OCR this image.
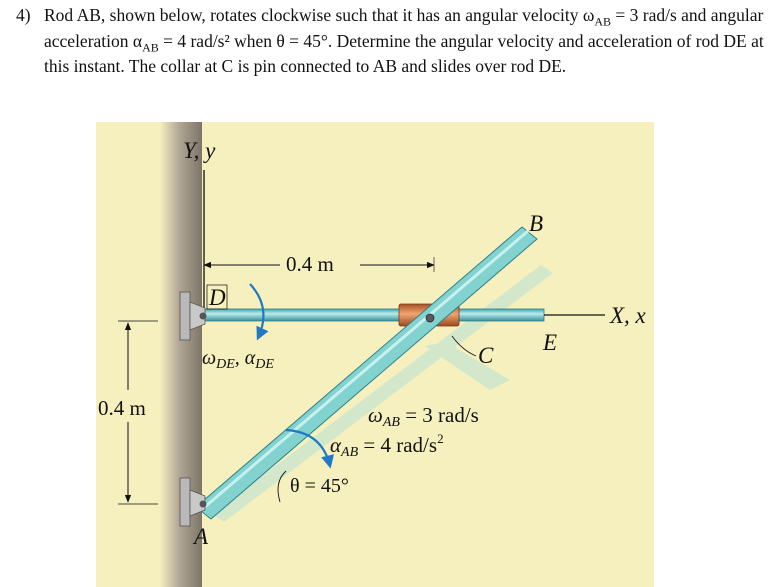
4) Rod AB, shown below, rotates clockwise such that it has an angular velocity $\omega_{AB} = 3$ rad/s and angular acceleration $\alpha_{AB} = 4$ rad/s² when θ = 45°. Determine the angular velocity and acceleration of rod DE at this instant. The collar at C is pin connected to AB and slides over rod DE.
0.4 m
0.4 m
Y, y
X, x
B
E
C
A
D
$\omega_{DE}$, $\alpha_{DE}$
ωAB = 3 rad/s
αAB = 4 rad/$s^2$
θ = 45°
